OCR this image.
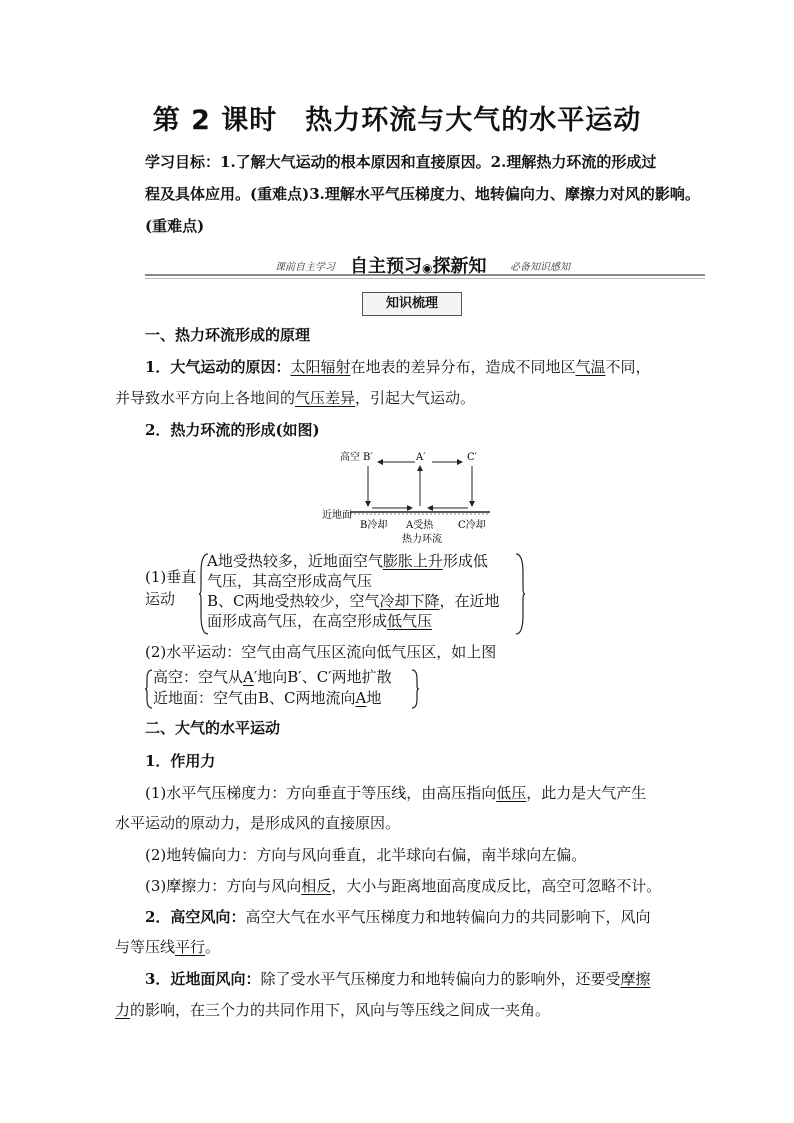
第 2 课时 热力环流与大气的水平运动
学习目标：1.了解大气运动的根本原因和直接原因。2.理解热力环流的形成过
程及具体应用。(重难点)3.理解水平气压梯度力、地转偏向力、摩擦力对风的影响。
(重难点)
课前自主学习 自主预习◉探新知 必备知识感知
知识梳理
一、热力环流形成的原理
1．大气运动的原因：太阳辐射在地表的差异分布，造成不同地区气温不同，
并导致水平方向上各地间的气压差异，引起大气运动。
2．热力环流的形成(如图)
高空 B′	A′	C′
近地面
B冷却 A受热 C冷却
热力环流
(1)垂直
运动
A地受热较多，近地面空气膨胀上升形成低
气压，其高空形成高气压
B、C两地受热较少，空气冷却下降，在近地
面形成高气压，在高空形成低气压
(2)水平运动：空气由高气压区流向低气压区，如上图
高空：空气从A′地向B′、C′两地扩散
近地面：空气由B、C两地流向A地
二、大气的水平运动
1．作用力
(1)水平气压梯度力：方向垂直于等压线，由高压指向低压，此力是大气产生
水平运动的原动力，是形成风的直接原因。
(2)地转偏向力：方向与风向垂直，北半球向右偏，南半球向左偏。
(3)摩擦力：方向与风向相反，大小与距离地面高度成反比，高空可忽略不计。
2．高空风向：高空大气在水平气压梯度力和地转偏向力的共同影响下，风向
与等压线平行。
3．近地面风向：除了受水平气压梯度力和地转偏向力的影响外，还要受摩擦
力的影响，在三个力的共同作用下，风向与等压线之间成一夹角。
